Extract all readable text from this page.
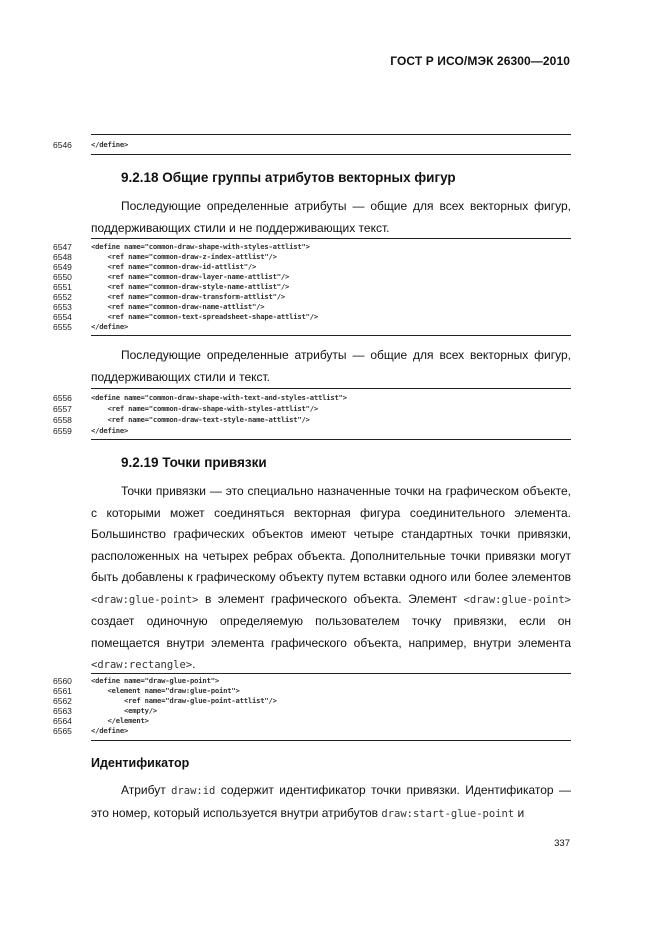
ГОСТ Р ИСО/МЭК 26300—2010
6546	</define>
9.2.18 Общие группы атрибутов векторных фигур

Последующие определенные атрибуты — общие для всех векторных фигур, поддерживающих стили и не поддерживающих текст.

6547	<define name="common-draw-shape-with-styles-attlist">
6548	<ref name="common-draw-z-index-attlist"/>
6549	<ref name="common-draw-id-attlist"/>
6550	<ref name="common-draw-layer-name-attlist"/>
6551	<ref name="common-draw-style-name-attlist"/>
6552	<ref name="common-draw-transform-attlist"/>
6553	<ref name="common-draw-name-attlist"/>
6554	<ref name="common-text-spreadsheet-shape-attlist"/>
6555	</define>

Последующие определенные атрибуты — общие для всех векторных фигур, поддерживающих стили и текст.

6556	<define name="common-draw-shape-with-text-and-styles-attlist">
6557	<ref name="common-draw-shape-with-styles-attlist"/>
6558	<ref name="common-draw-text-style-name-attlist"/>
6559	</define>
9.2.19 Точки привязки

Точки привязки — это специально назначенные точки на графическом объекте, с которыми может соединяться векторная фигура соединительного элемента. Большинство графических объектов имеют четыре стандартных точки привязки, расположенных на четырех ребрах объекта. Дополнительные точки привязки могут быть добавлены к графическому объекту путем вставки одного или более элементов <draw:glue-point> в элемент графического объекта. Элемент <draw:glue-point> создает одиночную определяемую пользователем точку привязки, если он помещается внутри элемента графического объекта, например, внутри элемента <draw:rectangle>.

6560	<define name="draw-glue-point">
6561	<element name="draw:glue-point">
6562	<ref name="draw-glue-point-attlist"/>
6563	<empty/>
6564	</element>
6565	</define>
Идентификатор

Атрибут draw:id содержит идентификатор точки привязки. Идентификатор — это номер, который используется внутри атрибутов draw:start-glue-point и

337
